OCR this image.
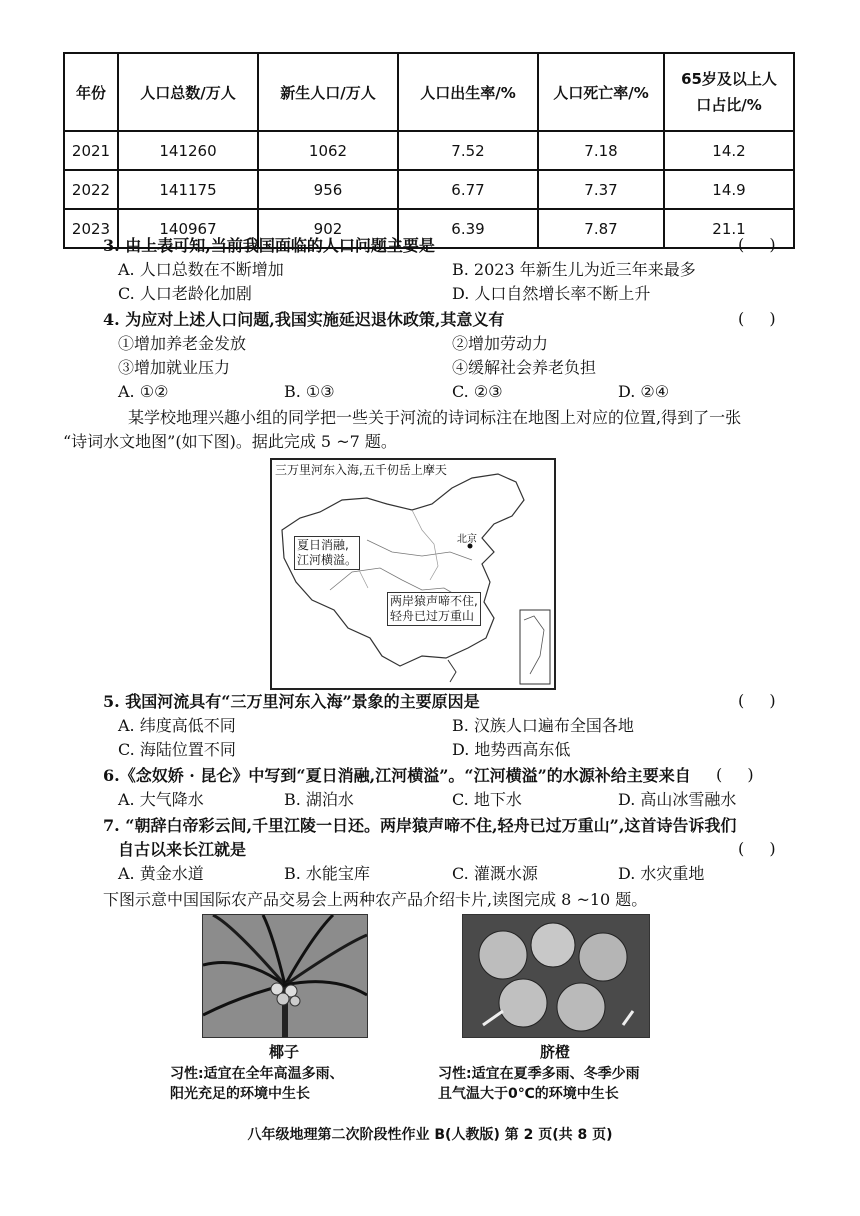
年份	人口总数/万人	新生人口/万人	人口出生率/%	人口死亡率/%	65岁及以上人口占比/%
2021	141260	1062	7.52	7.18	14.2
2022	141175	956	6.77	7.37	14.9
2023	140967	902	6.39	7.87	21.1
3. 由上表可知,当前我国面临的人口问题主要是	( )
A. 人口总数在不断增加	B. 2023 年新生儿为近三年来最多
C. 人口老龄化加剧	D. 人口自然增长率不断上升
4. 为应对上述人口问题,我国实施延迟退休政策,其意义有	( )
①增加养老金发放	②增加劳动力
③增加就业压力	④缓解社会养老负担
A. ①②	B. ①③	C. ②③	D. ②④
某学校地理兴趣小组的同学把一些关于河流的诗词标注在地图上对应的位置,得到了一张
“诗词水文地图”(如下图)。据此完成 5 ~7 题。
三万里河东入海,五千仞岳上摩天
夏日消融,
江河横溢。
北京
两岸猿声啼不住,
轻舟已过万重山
5. 我国河流具有“三万里河东入海”景象的主要原因是	( )
A. 纬度高低不同	B. 汉族人口遍布全国各地
C. 海陆位置不同	D. 地势西高东低
6.《念奴娇 · 昆仑》中写到“夏日消融,江河横溢”。“江河横溢”的水源补给主要来自 ( )
A. 大气降水	B. 湖泊水	C. 地下水	D. 高山冰雪融水
7. “朝辞白帝彩云间,千里江陵一日还。两岸猿声啼不住,轻舟已过万重山”,这首诗告诉我们
自古以来长江就是	( )
A. 黄金水道	B. 水能宝库	C. 灌溉水源	D. 水灾重地
下图示意中国国际农产品交易会上两种农产品介绍卡片,读图完成 8 ~10 题。
椰子
习性:适宜在全年高温多雨、
阳光充足的环境中生长
脐橙
习性:适宜在夏季多雨、冬季少雨
且气温大于0℃的环境中生长
八年级地理第二次阶段性作业 B(人教版) 第 2 页(共 8 页)
